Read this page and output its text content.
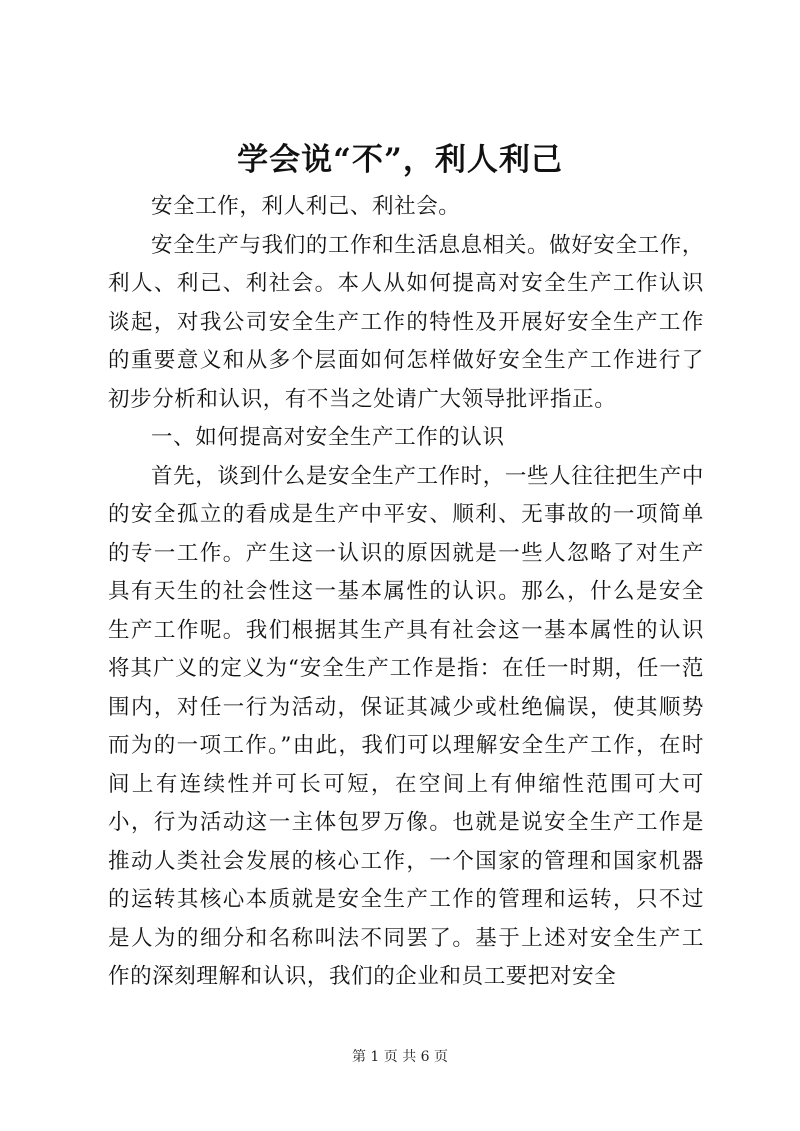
学会说“不”，利人利己

安全工作，利人利己、利社会。

安全生产与我们的工作和生活息息相关。做好安全工作，利人、利己、利社会。本人从如何提高对安全生产工作认识谈起，对我公司安全生产工作的特性及开展好安全生产工作的重要意义和从多个层面如何怎样做好安全生产工作进行了初步分析和认识，有不当之处请广大领导批评指正。

一、如何提高对安全生产工作的认识

首先，谈到什么是安全生产工作时，一些人往往把生产中的安全孤立的看成是生产中平安、顺利、无事故的一项简单的专一工作。产生这一认识的原因就是一些人忽略了对生产具有天生的社会性这一基本属性的认识。那么，什么是安全生产工作呢。我们根据其生产具有社会这一基本属性的认识将其广义的定义为“安全生产工作是指：在任一时期，任一范围内，对任一行为活动，保证其减少或杜绝偏误，使其顺势而为的一项工作。”由此，我们可以理解安全生产工作，在时间上有连续性并可长可短，在空间上有伸缩性范围可大可小，行为活动这一主体包罗万像。也就是说安全生产工作是推动人类社会发展的核心工作，一个国家的管理和国家机器的运转其核心本质就是安全生产工作的管理和运转，只不过是人为的细分和名称叫法不同罢了。基于上述对安全生产工作的深刻理解和认识，我们的企业和员工要把对安全

第 1 页 共 6 页
